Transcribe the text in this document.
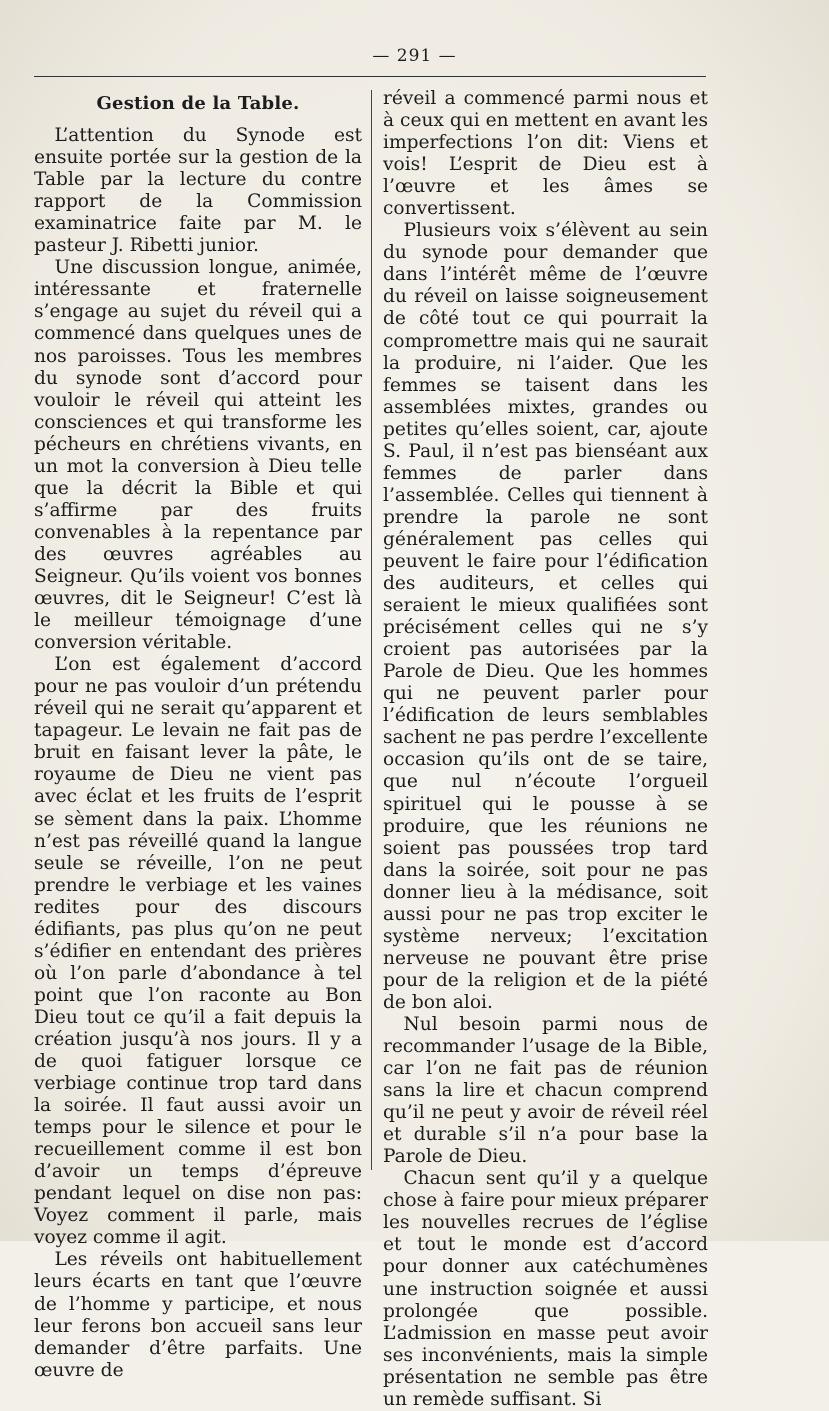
— 291 —
Gestion de la Table.

L’attention du Synode est ensuite portée sur la gestion de la Table par la lecture du contre rapport de la Commission examinatrice faite par M. le pasteur J. Ribetti junior.

Une discussion longue, animée, intéressante et fraternelle s’engage au sujet du réveil qui a commencé dans quelques unes de nos paroisses. Tous les membres du synode sont d’accord pour vouloir le réveil qui atteint les consciences et qui transforme les pécheurs en chrétiens vivants, en un mot la conversion à Dieu telle que la décrit la Bible et qui s’affirme par des fruits convenables à la repentance par des œuvres agréables au Seigneur. Qu’ils voient vos bonnes œuvres, dit le Seigneur! C’est là le meilleur témoignage d’une conversion véritable.

L’on est également d’accord pour ne pas vouloir d’un prétendu réveil qui ne serait qu’apparent et tapageur. Le levain ne fait pas de bruit en faisant lever la pâte, le royaume de Dieu ne vient pas avec éclat et les fruits de l’esprit se sèment dans la paix. L’homme n’est pas réveillé quand la langue seule se réveille, l’on ne peut prendre le verbiage et les vaines redites pour des discours édifiants, pas plus qu’on ne peut s’édifier en entendant des prières où l’on parle d’abondance à tel point que l’on raconte au Bon Dieu tout ce qu’il a fait depuis la création jusqu’à nos jours. Il y a de quoi fatiguer lorsque ce verbiage continue trop tard dans la soirée. Il faut aussi avoir un temps pour le silence et pour le recueillement comme il est bon d’avoir un temps d’épreuve pendant lequel on dise non pas: Voyez comment il parle, mais voyez comme il agit.

Les réveils ont habituellement leurs écarts en tant que l’œuvre de l’homme y participe, et nous leur ferons bon accueil sans leur demander d’être parfaits. Une œuvre de

réveil a commencé parmi nous et à ceux qui en mettent en avant les imperfections l’on dit: Viens et vois! L’esprit de Dieu est à l’œuvre et les âmes se convertissent.

Plusieurs voix s’élèvent au sein du synode pour demander que dans l’intérêt même de l’œuvre du réveil on laisse soigneusement de côté tout ce qui pourrait la compromettre mais qui ne saurait la produire, ni l’aider. Que les femmes se taisent dans les assemblées mixtes, grandes ou petites qu’elles soient, car, ajoute S. Paul, il n’est pas bienséant aux femmes de parler dans l’assemblée. Celles qui tiennent à prendre la parole ne sont généralement pas celles qui peuvent le faire pour l’édification des auditeurs, et celles qui seraient le mieux qualifiées sont précisément celles qui ne s’y croient pas autorisées par la Parole de Dieu. Que les hommes qui ne peuvent parler pour l’édification de leurs semblables sachent ne pas perdre l’excellente occasion qu’ils ont de se taire, que nul n’écoute l’orgueil spirituel qui le pousse à se produire, que les réunions ne soient pas poussées trop tard dans la soirée, soit pour ne pas donner lieu à la médisance, soit aussi pour ne pas trop exciter le système nerveux; l’excitation nerveuse ne pouvant être prise pour de la religion et de la piété de bon aloi.

Nul besoin parmi nous de recommander l’usage de la Bible, car l’on ne fait pas de réunion sans la lire et chacun comprend qu’il ne peut y avoir de réveil réel et durable s’il n’a pour base la Parole de Dieu.

Chacun sent qu’il y a quelque chose à faire pour mieux préparer les nouvelles recrues de l’église et tout le monde est d’accord pour donner aux catéchumènes une instruction soignée et aussi prolongée que possible. L’admission en masse peut avoir ses inconvénients, mais la simple présentation ne semble pas être un remède suffisant. Si
